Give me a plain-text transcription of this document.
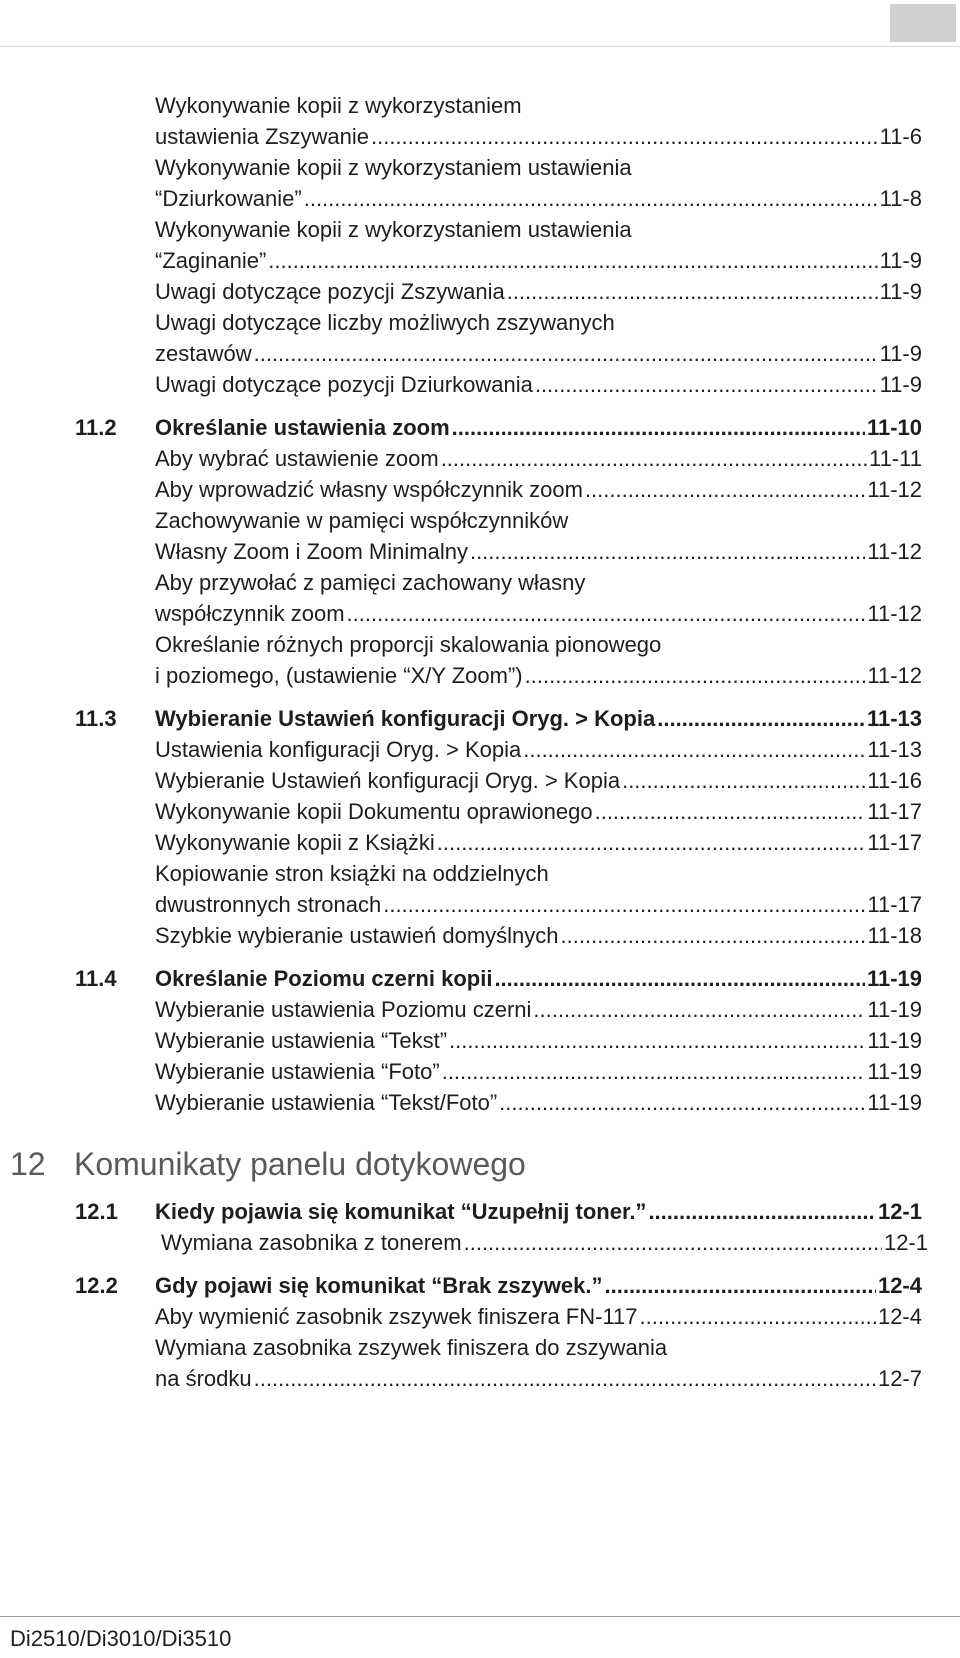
Wykonywanie kopii z wykorzystaniem
ustawienia Zszywanie .....	11-6
Wykonywanie kopii z wykorzystaniem ustawienia
“Dziurkowanie” .....	11-8
Wykonywanie kopii z wykorzystaniem ustawienia
“Zaginanie” .....	11-9
Uwagi dotyczące pozycji Zszywania .....	11-9
Uwagi dotyczące liczby możliwych zszywanych
zestawów .....	11-9
Uwagi dotyczące pozycji Dziurkowania .....	11-9
11.2	Określanie ustawienia zoom .....	11-10
Aby wybrać ustawienie zoom .....	11-11
Aby wprowadzić własny współczynnik zoom .....	11-12
Zachowywanie w pamięci współczynników
Własny Zoom i Zoom Minimalny .....	11-12
Aby przywołać z pamięci zachowany własny
współczynnik zoom .....	11-12
Określanie różnych proporcji skalowania pionowego
i poziomego, (ustawienie “X/Y Zoom”) .....	11-12
11.3	Wybieranie Ustawień konfiguracji Oryg. > Kopia .....	11-13
Ustawienia konfiguracji Oryg. > Kopia .....	11-13
Wybieranie Ustawień konfiguracji Oryg. > Kopia .....	11-16
Wykonywanie kopii Dokumentu oprawionego .....	11-17
Wykonywanie kopii z Książki .....	11-17
Kopiowanie stron książki na oddzielnych
dwustronnych stronach .....	11-17
Szybkie wybieranie ustawień domyślnych .....	11-18
11.4	Określanie Poziomu czerni kopii .....	11-19
Wybieranie ustawienia Poziomu czerni .....	11-19
Wybieranie ustawienia “Tekst” .....	11-19
Wybieranie ustawienia “Foto” .....	11-19
Wybieranie ustawienia “Tekst/Foto” .....	11-19
12 Komunikaty panelu dotykowego
12.1	Kiedy pojawia się komunikat “Uzupełnij toner.” .....	12-1
Wymiana zasobnika z tonerem .....	12-1
12.2	Gdy pojawi się komunikat “Brak zszywek.” .....	12-4
Aby wymienić zasobnik zszywek finiszera FN-117 .....	12-4
Wymiana zasobnika zszywek finiszera do zszywania
na środku .....	12-7
Di2510/Di3010/Di3510
